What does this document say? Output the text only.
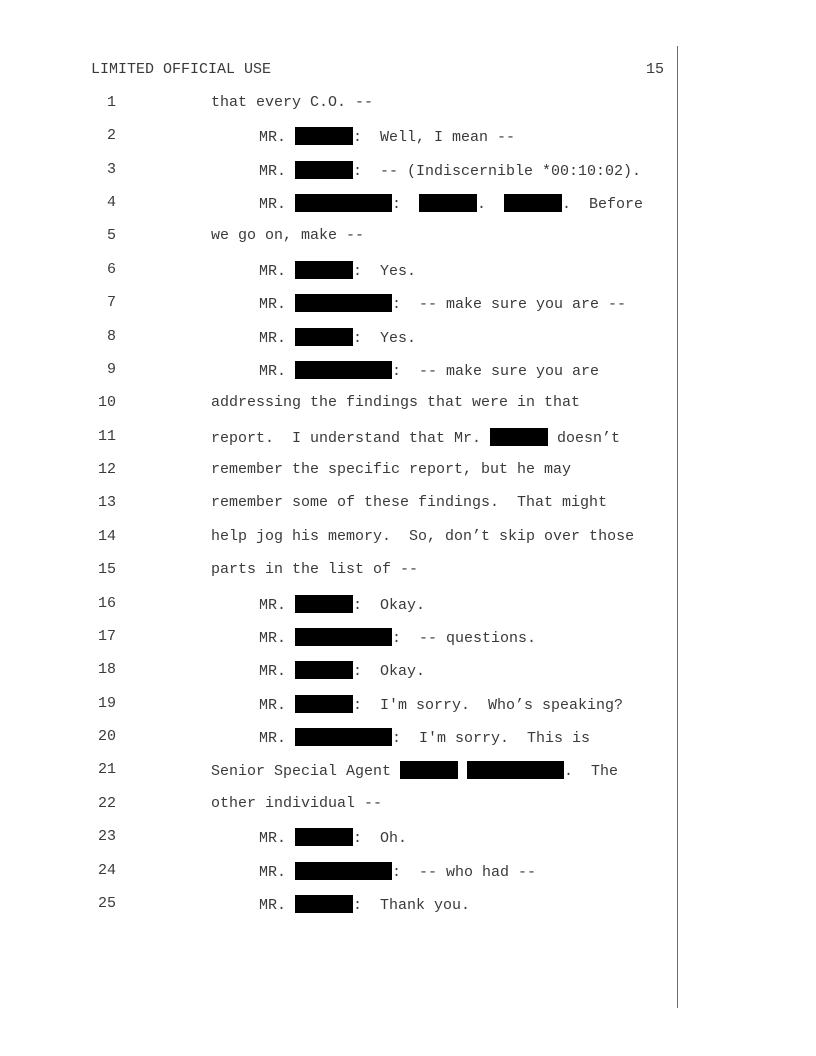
LIMITED OFFICIAL USE	15
1	that every C.O. --
2	MR.	:  Well, I mean --
3	MR.	:  -- (Indiscernible *00:10:02).
4	MR.	:	.	.  Before
5	we go on, make --
6	MR.	:  Yes.
7	MR.	:  -- make sure you are --
8	MR.	:  Yes.
9	MR.	:  -- make sure you are
10	addressing the findings that were in that
11	report.  I understand that Mr.	doesn’t
12	remember the specific report, but he may
13	remember some of these findings.  That might
14	help jog his memory.  So, don’t skip over those
15	parts in the list of --
16	MR.	:  Okay.
17	MR.	:  -- questions.
18	MR.	:  Okay.
19	MR.	:  I'm sorry.  Who’s speaking?
20	MR.	:  I'm sorry.  This is
21	Senior Special Agent	.  The
22	other individual --
23	MR.	:  Oh.
24	MR.	:  -- who had --
25	MR.	:  Thank you.
